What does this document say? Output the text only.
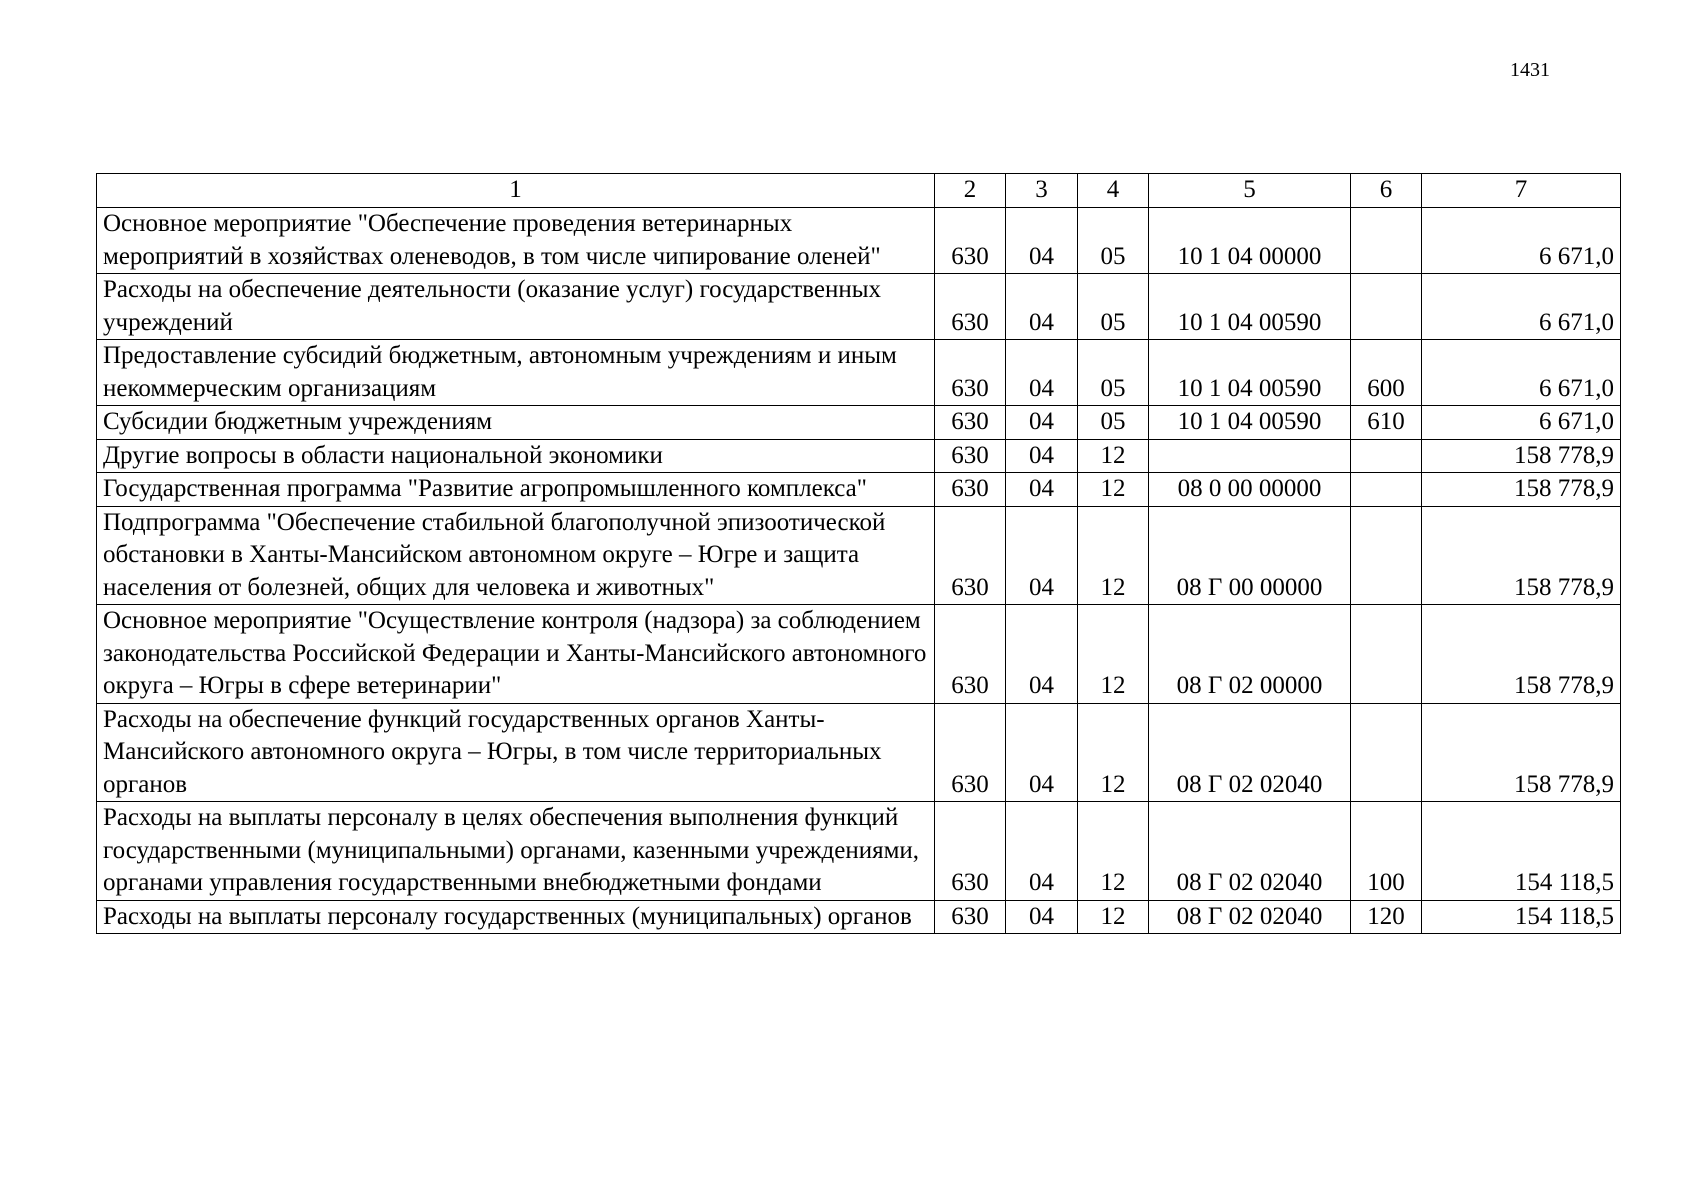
1431
1	2	3	4	5	6	7
Основное мероприятие "Обеспечение проведения ветеринарных мероприятий в хозяйствах оленеводов, в том числе чипирование оленей"	630	04	05	10 1 04 00000		6 671,0
Расходы на обеспечение деятельности (оказание услуг) государственных учреждений	630	04	05	10 1 04 00590		6 671,0
Предоставление субсидий бюджетным, автономным учреждениям и иным некоммерческим организациям	630	04	05	10 1 04 00590	600	6 671,0
Субсидии бюджетным учреждениям	630	04	05	10 1 04 00590	610	6 671,0
Другие вопросы в области национальной экономики	630	04	12			158 778,9
Государственная программа "Развитие агропромышленного комплекса"	630	04	12	08 0 00 00000		158 778,9
Подпрограмма "Обеспечение стабильной благополучной эпизоотической обстановки в Ханты-Мансийском автономном округе – Югре и защита населения от болезней, общих для человека и животных"	630	04	12	08 Г 00 00000		158 778,9
Основное мероприятие "Осуществление контроля (надзора) за соблюдением законодательства Российской Федерации и Ханты-Мансийского автономного округа – Югры в сфере ветеринарии"	630	04	12	08 Г 02 00000		158 778,9
Расходы на обеспечение функций государственных органов Ханты-Мансийского автономного округа – Югры, в том числе территориальных органов	630	04	12	08 Г 02 02040		158 778,9
Расходы на выплаты персоналу в целях обеспечения выполнения функций государственными (муниципальными) органами, казенными учреждениями, органами управления государственными внебюджетными фондами	630	04	12	08 Г 02 02040	100	154 118,5
Расходы на выплаты персоналу государственных (муниципальных) органов	630	04	12	08 Г 02 02040	120	154 118,5
